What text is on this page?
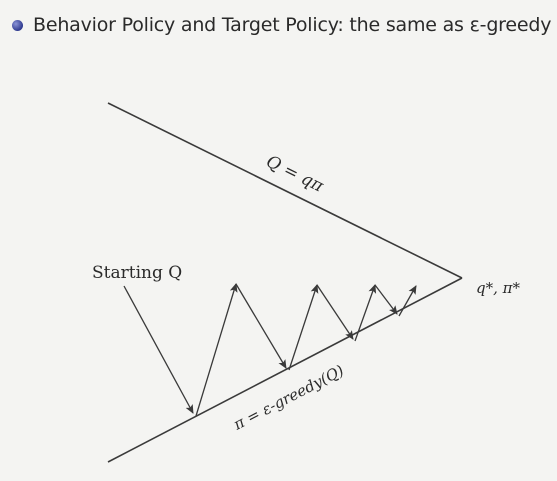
Behavior Policy and Target Policy: the same as ε-greedy
Starting Q
Q = qπ
π = ε-greedy(Q)
q*, π*
